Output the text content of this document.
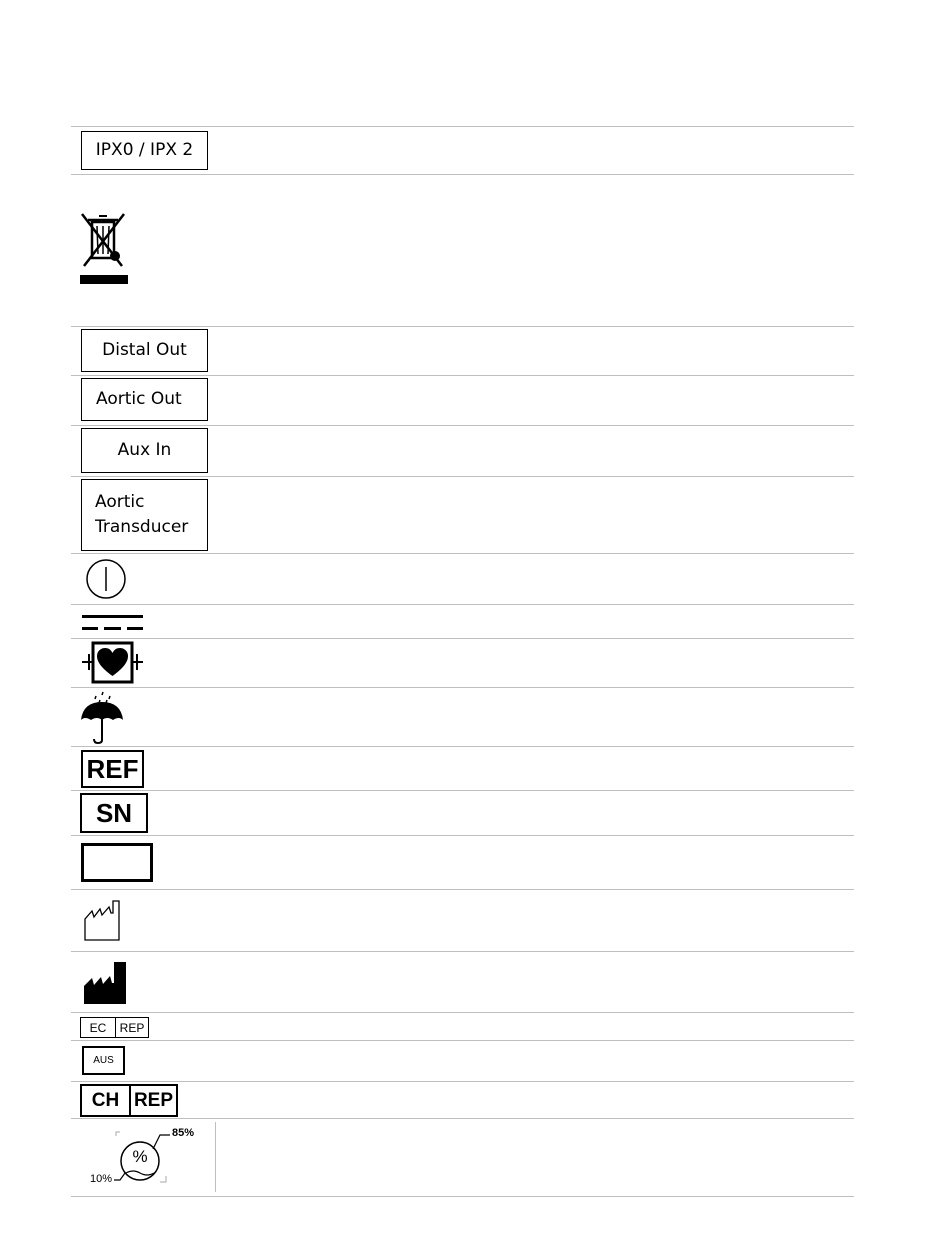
IPX0 / IPX 2
Distal Out
Aortic Out
Aux In
Aortic
Transducer
REF
SN
EC	REP
AUS
CH REP
%
85%
10%
